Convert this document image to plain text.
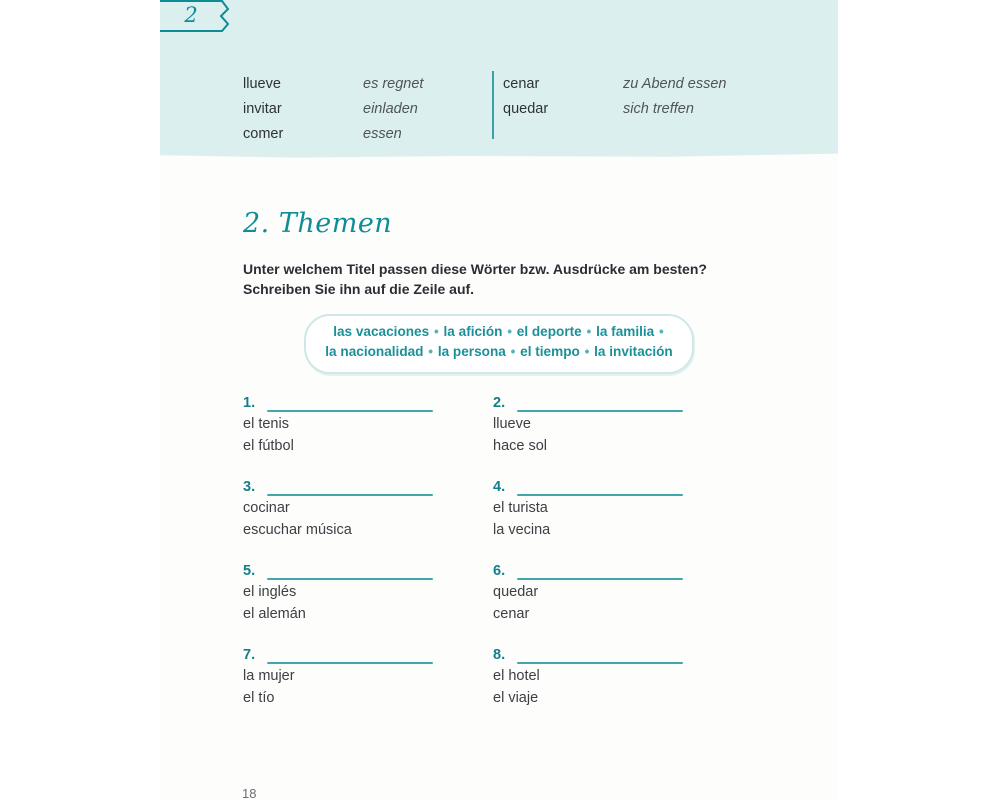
2
llueve	es regnet
invitar	einladen
comer	essen
cenar	zu Abend essen
quedar	sich treffen
2. Themen
Unter welchem Titel passen diese Wörter bzw. Ausdrücke am besten?
Schreiben Sie ihn auf die Zeile auf.
las vacaciones • la afición • el deporte • la familia •
la nacionalidad • la persona • el tiempo • la invitación
1.
el tenis
el fútbol
2.
llueve
hace sol
3.
cocinar
escuchar música
4.
el turista
la vecina
5.
el inglés
el alemán
6.
quedar
cenar
7.
la mujer
el tío
8.
el hotel
el viaje
18
